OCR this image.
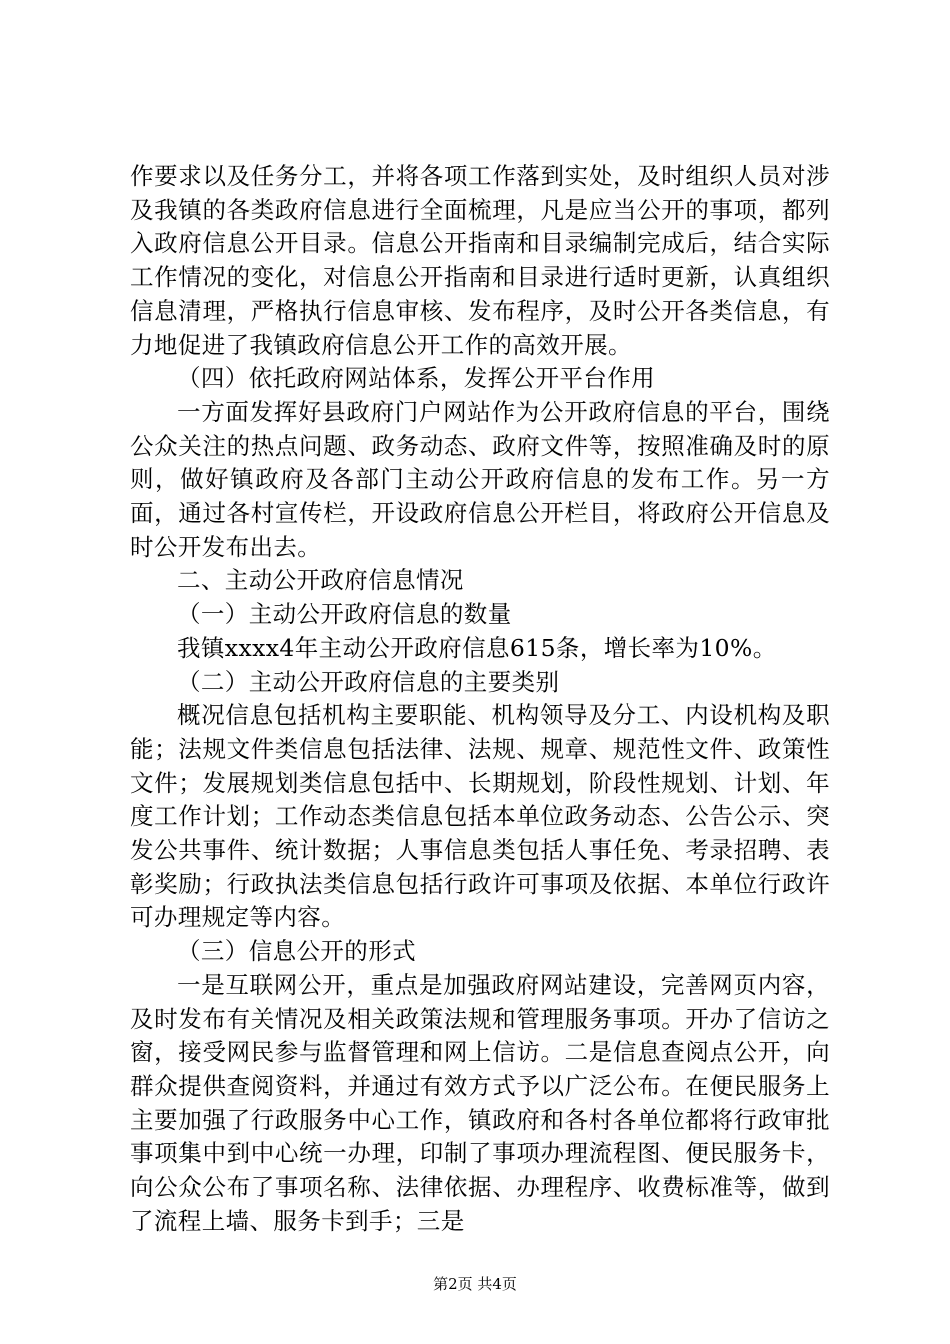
作要求以及任务分工，并将各项工作落到实处，及时组织人员对涉及我镇的各类政府信息进行全面梳理，凡是应当公开的事项，都列入政府信息公开目录。信息公开指南和目录编制完成后，结合实际工作情况的变化，对信息公开指南和目录进行适时更新，认真组织信息清理，严格执行信息审核、发布程序，及时公开各类信息，有力地促进了我镇政府信息公开工作的高效开展。

（四）依托政府网站体系，发挥公开平台作用

一方面发挥好县政府门户网站作为公开政府信息的平台，围绕公众关注的热点问题、政务动态、政府文件等，按照准确及时的原则，做好镇政府及各部门主动公开政府信息的发布工作。另一方面，通过各村宣传栏，开设政府信息公开栏目，将政府公开信息及时公开发布出去。

二、主动公开政府信息情况

（一）主动公开政府信息的数量

我镇xxxx4年主动公开政府信息615条，增长率为10%。

（二）主动公开政府信息的主要类别

概况信息包括机构主要职能、机构领导及分工、内设机构及职能；法规文件类信息包括法律、法规、规章、规范性文件、政策性文件；发展规划类信息包括中、长期规划，阶段性规划、计划、年度工作计划；工作动态类信息包括本单位政务动态、公告公示、突发公共事件、统计数据；人事信息类包括人事任免、考录招聘、表彰奖励；行政执法类信息包括行政许可事项及依据、本单位行政许可办理规定等内容。

（三）信息公开的形式

一是互联网公开，重点是加强政府网站建设，完善网页内容，及时发布有关情况及相关政策法规和管理服务事项。开办了信访之窗，接受网民参与监督管理和网上信访。二是信息查阅点公开，向群众提供查阅资料，并通过有效方式予以广泛公布。在便民服务上主要加强了行政服务中心工作，镇政府和各村各单位都将行政审批事项集中到中心统一办理，印制了事项办理流程图、便民服务卡，向公众公布了事项名称、法律依据、办理程序、收费标准等，做到了流程上墙、服务卡到手；三是

第2页 共4页
